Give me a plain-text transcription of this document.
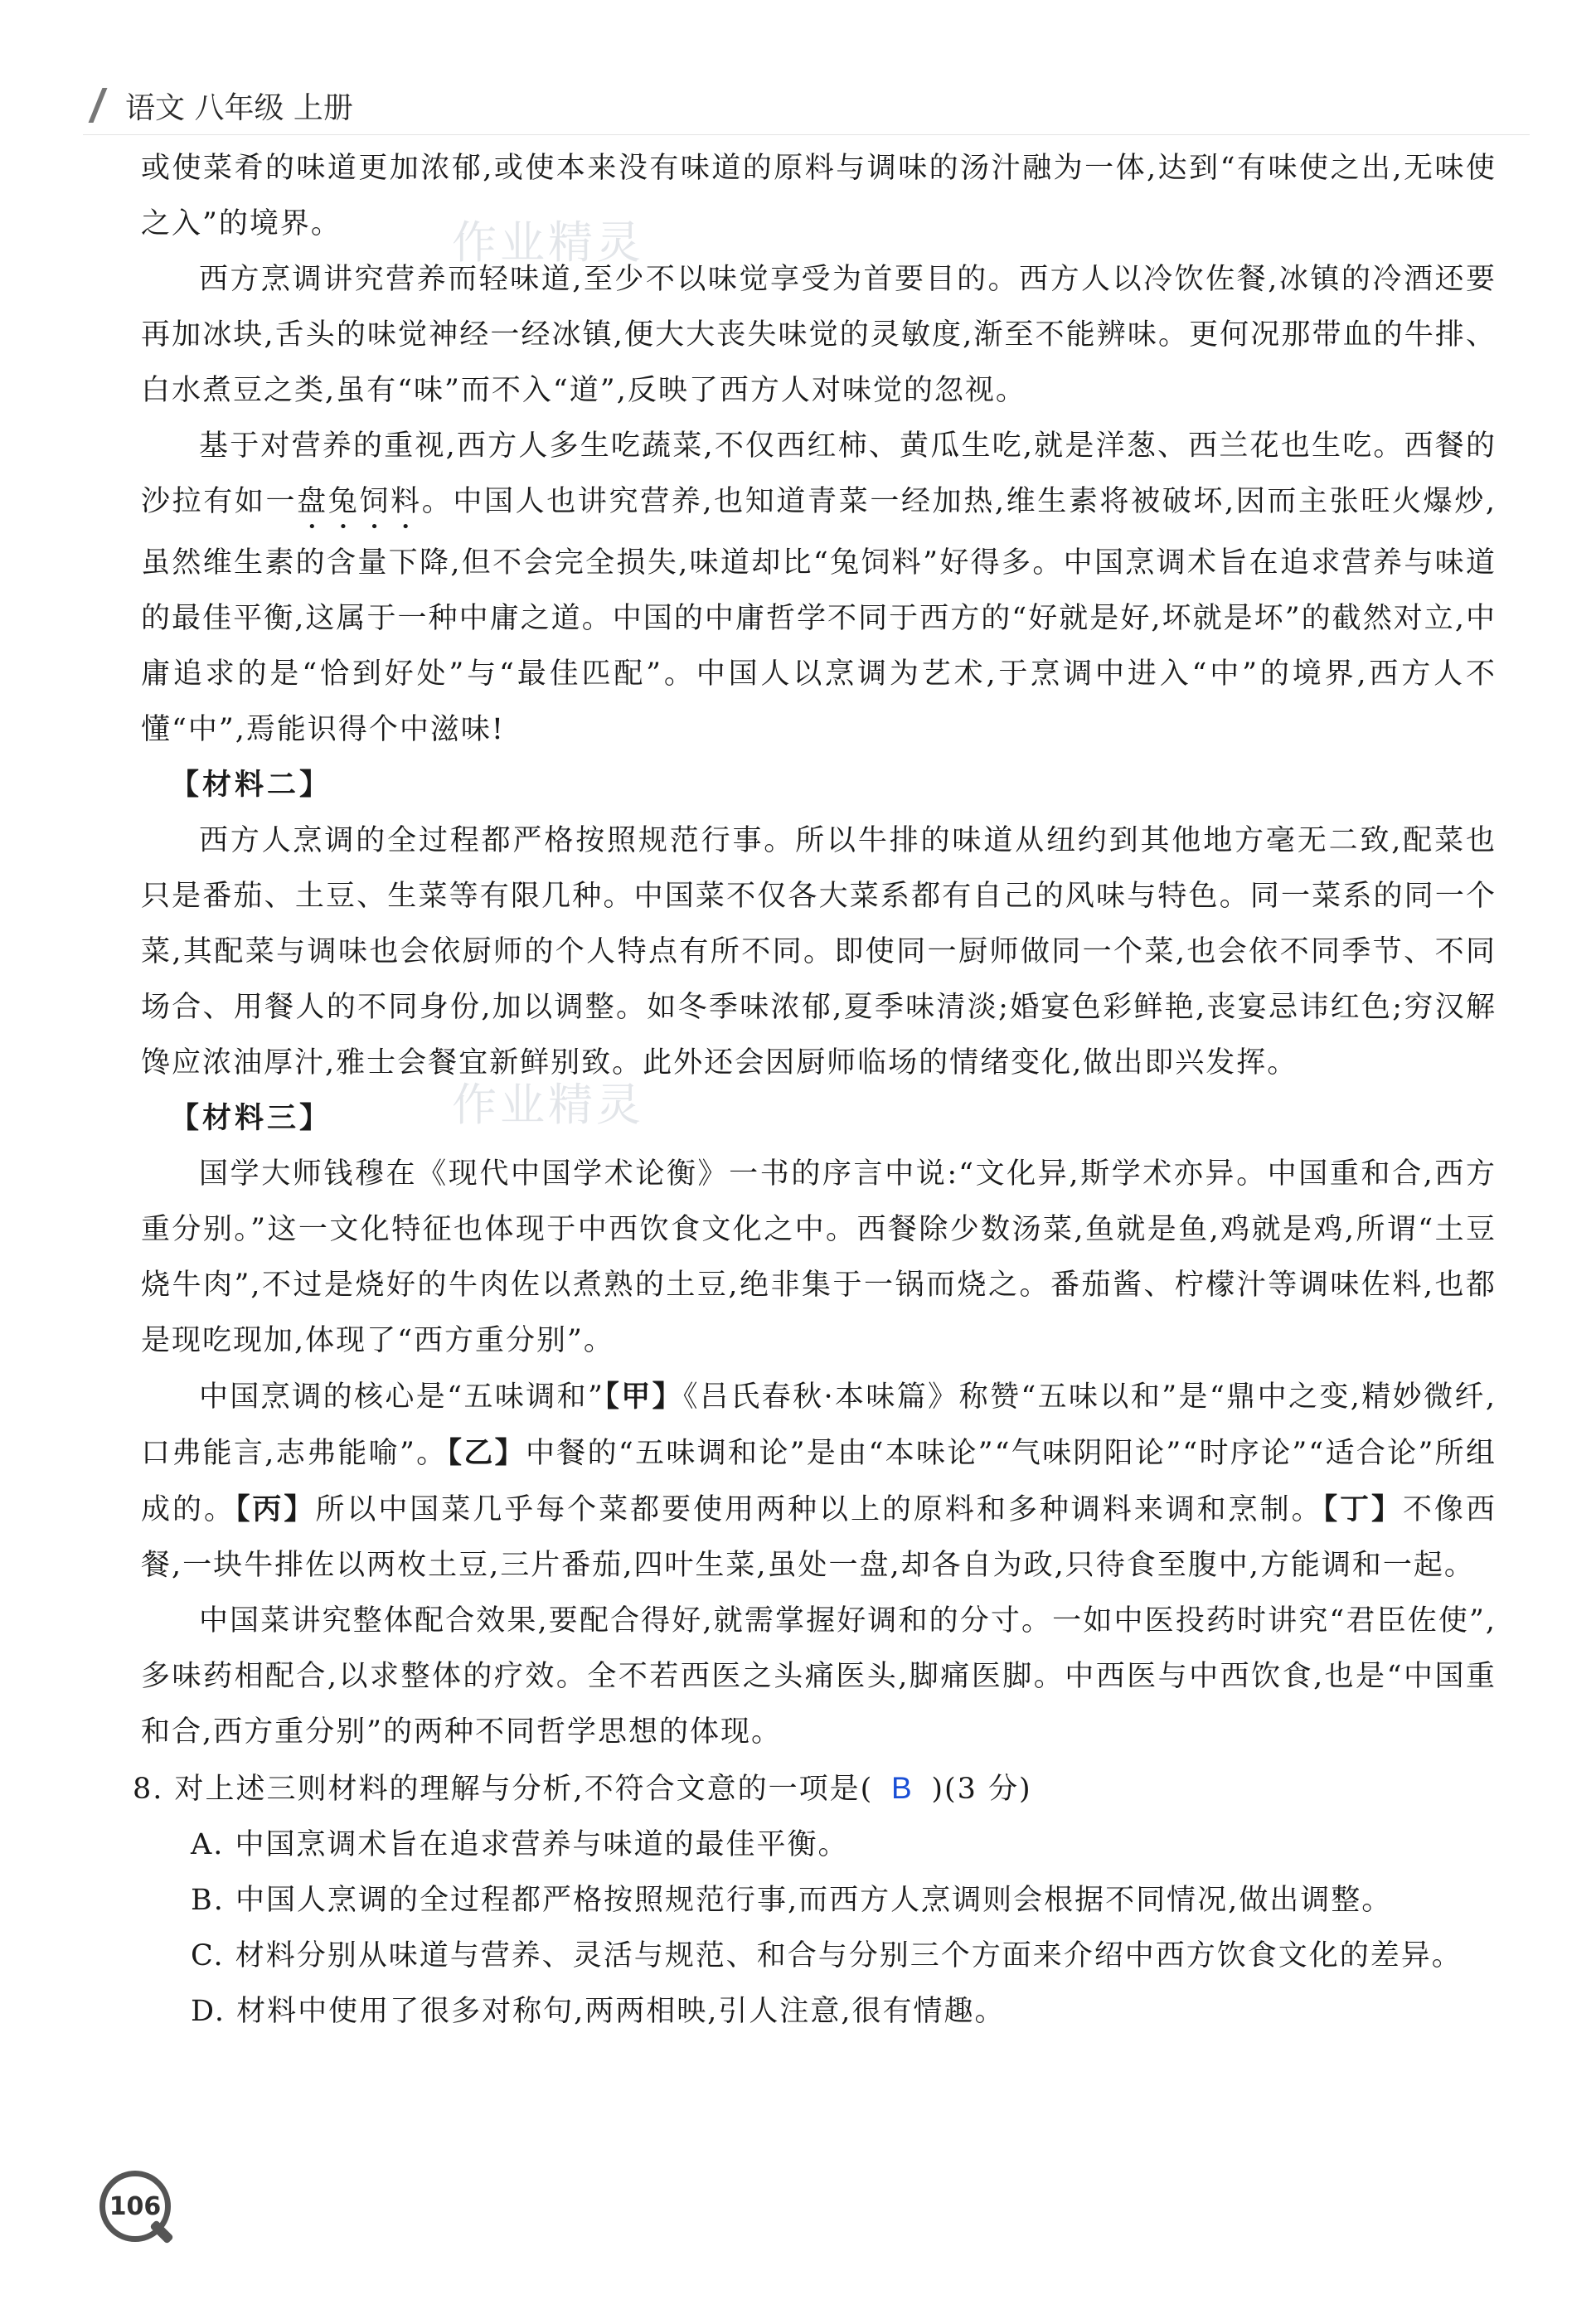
语文 八年级 上册
作业精灵
作业精灵

或使菜肴的味道更加浓郁,或使本来没有味道的原料与调味的汤汁融为一体,达到“有味使之出,无味使之入”的境界。

西方烹调讲究营养而轻味道,至少不以味觉享受为首要目的。西方人以冷饮佐餐,冰镇的冷酒还要再加冰块,舌头的味觉神经一经冰镇,便大大丧失味觉的灵敏度,渐至不能辨味。更何况那带血的牛排、白水煮豆之类,虽有“味”而不入“道”,反映了西方人对味觉的忽视。

基于对营养的重视,西方人多生吃蔬菜,不仅西红柿、黄瓜生吃,就是洋葱、西兰花也生吃。西餐的沙拉有如一盘兔饲料。中国人也讲究营养,也知道青菜一经加热,维生素将被破坏,因而主张旺火爆炒,虽然维生素的含量下降,但不会完全损失,味道却比“兔饲料”好得多。中国烹调术旨在追求营养与味道的最佳平衡,这属于一种中庸之道。中国的中庸哲学不同于西方的“好就是好,坏就是坏”的截然对立,中庸追求的是“恰到好处”与“最佳匹配”。中国人以烹调为艺术,于烹调中进入“中”的境界,西方人不懂“中”,焉能识得个中滋味!

【材料二】

西方人烹调的全过程都严格按照规范行事。所以牛排的味道从纽约到其他地方毫无二致,配菜也只是番茄、土豆、生菜等有限几种。中国菜不仅各大菜系都有自己的风味与特色。同一菜系的同一个菜,其配菜与调味也会依厨师的个人特点有所不同。即使同一厨师做同一个菜,也会依不同季节、不同场合、用餐人的不同身份,加以调整。如冬季味浓郁,夏季味清淡;婚宴色彩鲜艳,丧宴忌讳红色;穷汉解馋应浓油厚汁,雅士会餐宜新鲜别致。此外还会因厨师临场的情绪变化,做出即兴发挥。

【材料三】

国学大师钱穆在《现代中国学术论衡》一书的序言中说:“文化异,斯学术亦异。中国重和合,西方重分别。”这一文化特征也体现于中西饮食文化之中。西餐除少数汤菜,鱼就是鱼,鸡就是鸡,所谓“土豆烧牛肉”,不过是烧好的牛肉佐以煮熟的土豆,绝非集于一锅而烧之。番茄酱、柠檬汁等调味佐料,也都是现吃现加,体现了“西方重分别”。

中国烹调的核心是“五味调和”【甲】《吕氏春秋·本味篇》称赞“五味以和”是“鼎中之变,精妙微纤,口弗能言,志弗能喻”。【乙】中餐的“五味调和论”是由“本味论”“气味阴阳论”“时序论”“适合论”所组成的。【丙】所以中国菜几乎每个菜都要使用两种以上的原料和多种调料来调和烹制。【丁】不像西餐,一块牛排佐以两枚土豆,三片番茄,四叶生菜,虽处一盘,却各自为政,只待食至腹中,方能调和一起。

中国菜讲究整体配合效果,要配合得好,就需掌握好调和的分寸。一如中医投药时讲究“君臣佐使”,多味药相配合,以求整体的疗效。全不若西医之头痛医头,脚痛医脚。中西医与中西饮食,也是“中国重和合,西方重分别”的两种不同哲学思想的体现。

8. 对上述三则材料的理解与分析,不符合文意的一项是( B )(3 分)

A. 中国烹调术旨在追求营养与味道的最佳平衡。

B. 中国人烹调的全过程都严格按照规范行事,而西方人烹调则会根据不同情况,做出调整。

C. 材料分别从味道与营养、灵活与规范、和合与分别三个方面来介绍中西方饮食文化的差异。

D. 材料中使用了很多对称句,两两相映,引人注意,很有情趣。

106
